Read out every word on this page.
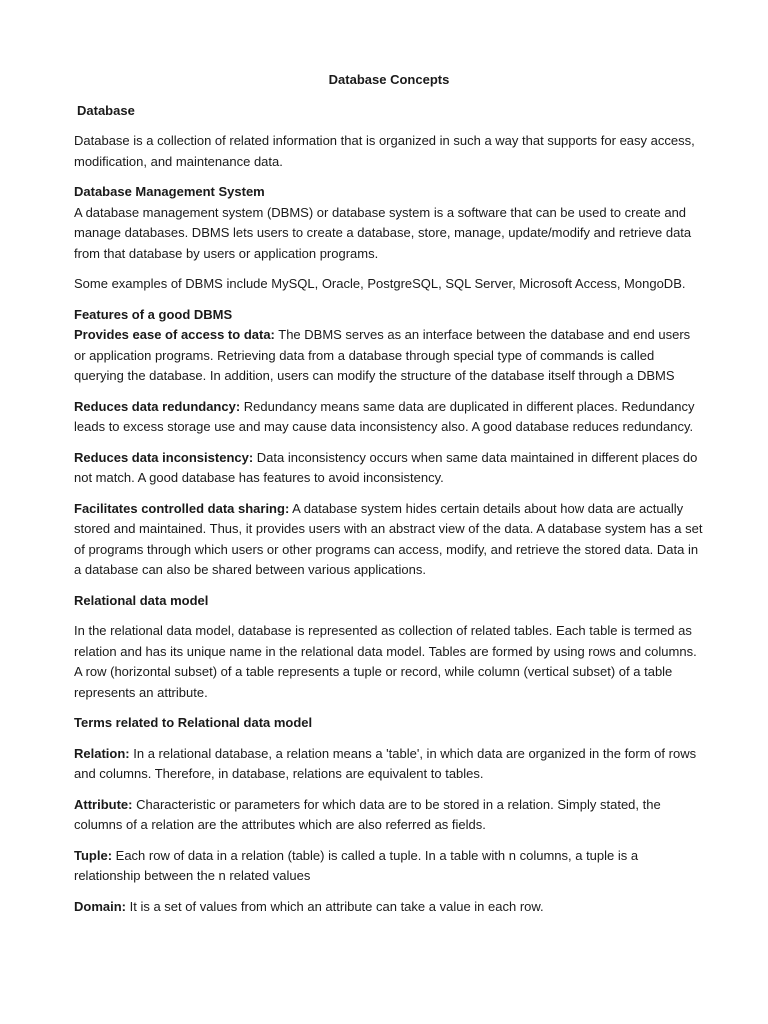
Database Concepts
Database
Database is a collection of related information that is organized in such a way that supports for easy access, modification, and maintenance data.
Database Management System
A database management system (DBMS) or database system is a software that can be used to create and manage databases. DBMS lets users to create a database, store, manage, update/modify and retrieve data from that database by users or application programs.
Some examples of DBMS include MySQL, Oracle, PostgreSQL, SQL Server, Microsoft Access, MongoDB.
Features of a good DBMS
Provides ease of access to data: The DBMS serves as an interface between the database and end users or application programs. Retrieving data from a database through special type of commands is called querying the database. In addition, users can modify the structure of the database itself through a DBMS
Reduces data redundancy: Redundancy means same data are duplicated in different places. Redundancy leads to excess storage use and may cause data inconsistency also. A good database reduces redundancy.
Reduces data inconsistency: Data inconsistency occurs when same data maintained in different places do not match. A good database has features to avoid inconsistency.
Facilitates controlled data sharing: A database system hides certain details about how data are actually stored and maintained. Thus, it provides users with an abstract view of the data. A database system has a set of programs through which users or other programs can access, modify, and retrieve the stored data. Data in a database can also be shared between various applications.
Relational data model
In the relational data model, database is represented as collection of related tables. Each table is termed as relation and has its unique name in the relational data model. Tables are formed by using rows and columns. A row (horizontal subset) of a table represents a tuple or record, while column (vertical subset) of a table represents an attribute.
Terms related to Relational data model
Relation: In a relational database, a relation means a 'table', in which data are organized in the form of rows and columns. Therefore, in database, relations are equivalent to tables.
Attribute: Characteristic or parameters for which data are to be stored in a relation. Simply stated, the columns of a relation are the attributes which are also referred as fields.
Tuple: Each row of data in a relation (table) is called a tuple. In a table with n columns, a tuple is a relationship between the n related values
Domain: It is a set of values from which an attribute can take a value in each row.
